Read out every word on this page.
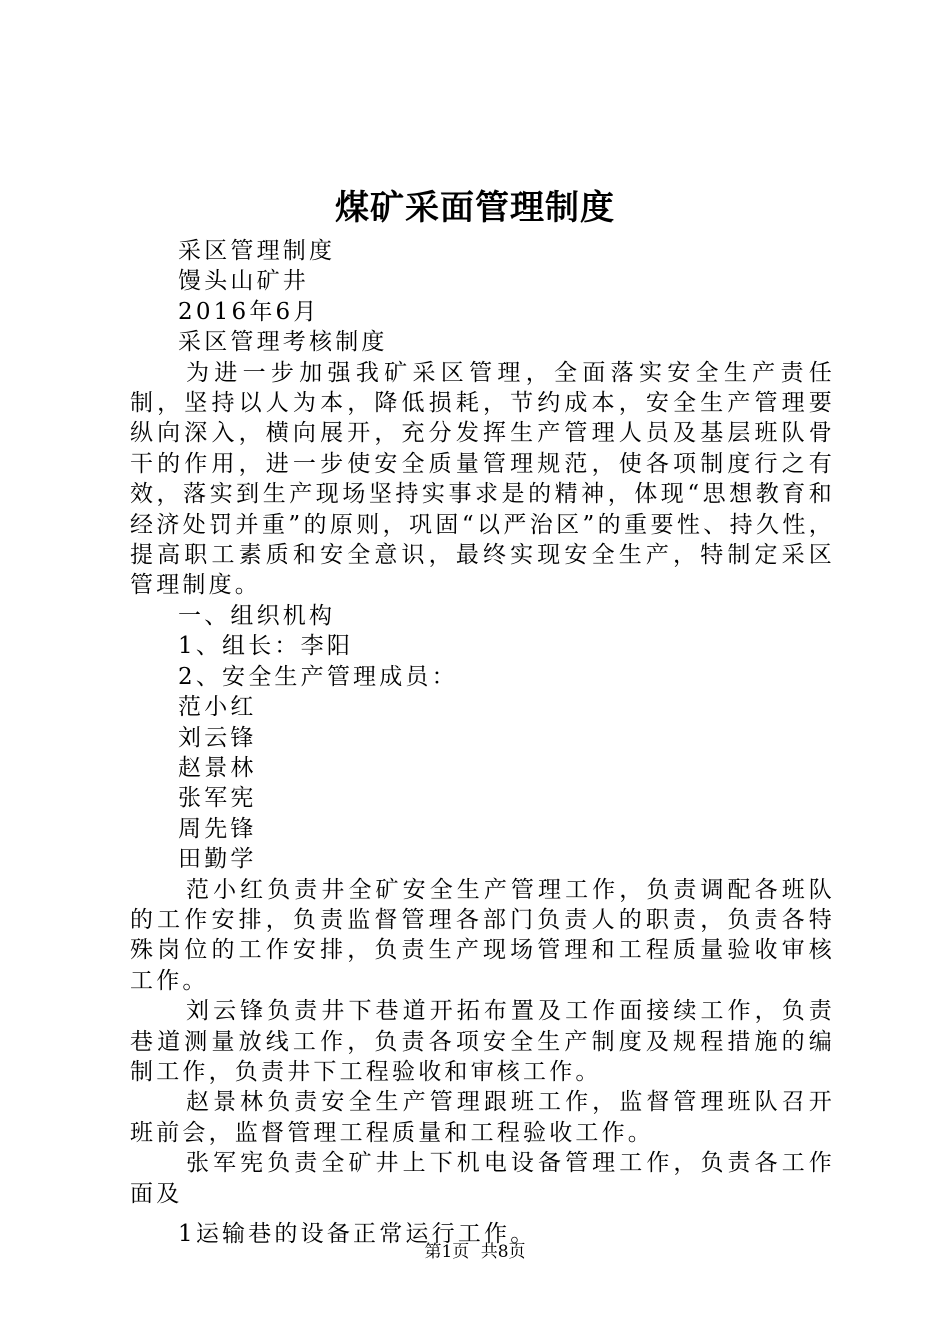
煤矿采面管理制度
采区管理制度
馒头山矿井
2016年6月
采区管理考核制度
为进一步加强我矿采区管理，全面落实安全生产责任制，坚持以人为本，降低损耗，节约成本，安全生产管理要纵向深入，横向展开，充分发挥生产管理人员及基层班队骨干的作用，进一步使安全质量管理规范，使各项制度行之有效，落实到生产现场坚持实事求是的精神，体现“思想教育和经济处罚并重”的原则，巩固“以严治区”的重要性、持久性，提高职工素质和安全意识，最终实现安全生产，特制定采区管理制度。
一、组织机构
1、组长：李阳
2、安全生产管理成员：
范小红
刘云锋
赵景林
张军宪
周先锋
田勤学
范小红负责井全矿安全生产管理工作，负责调配各班队的工作安排，负责监督管理各部门负责人的职责，负责各特殊岗位的工作安排，负责生产现场管理和工程质量验收审核工作。
刘云锋负责井下巷道开拓布置及工作面接续工作，负责巷道测量放线工作，负责各项安全生产制度及规程措施的编制工作，负责井下工程验收和审核工作。
赵景林负责安全生产管理跟班工作，监督管理班队召开班前会，监督管理工程质量和工程验收工作。
张军宪负责全矿井上下机电设备管理工作，负责各工作面及
1运输巷的设备正常运行工作。
第1页 共8页
